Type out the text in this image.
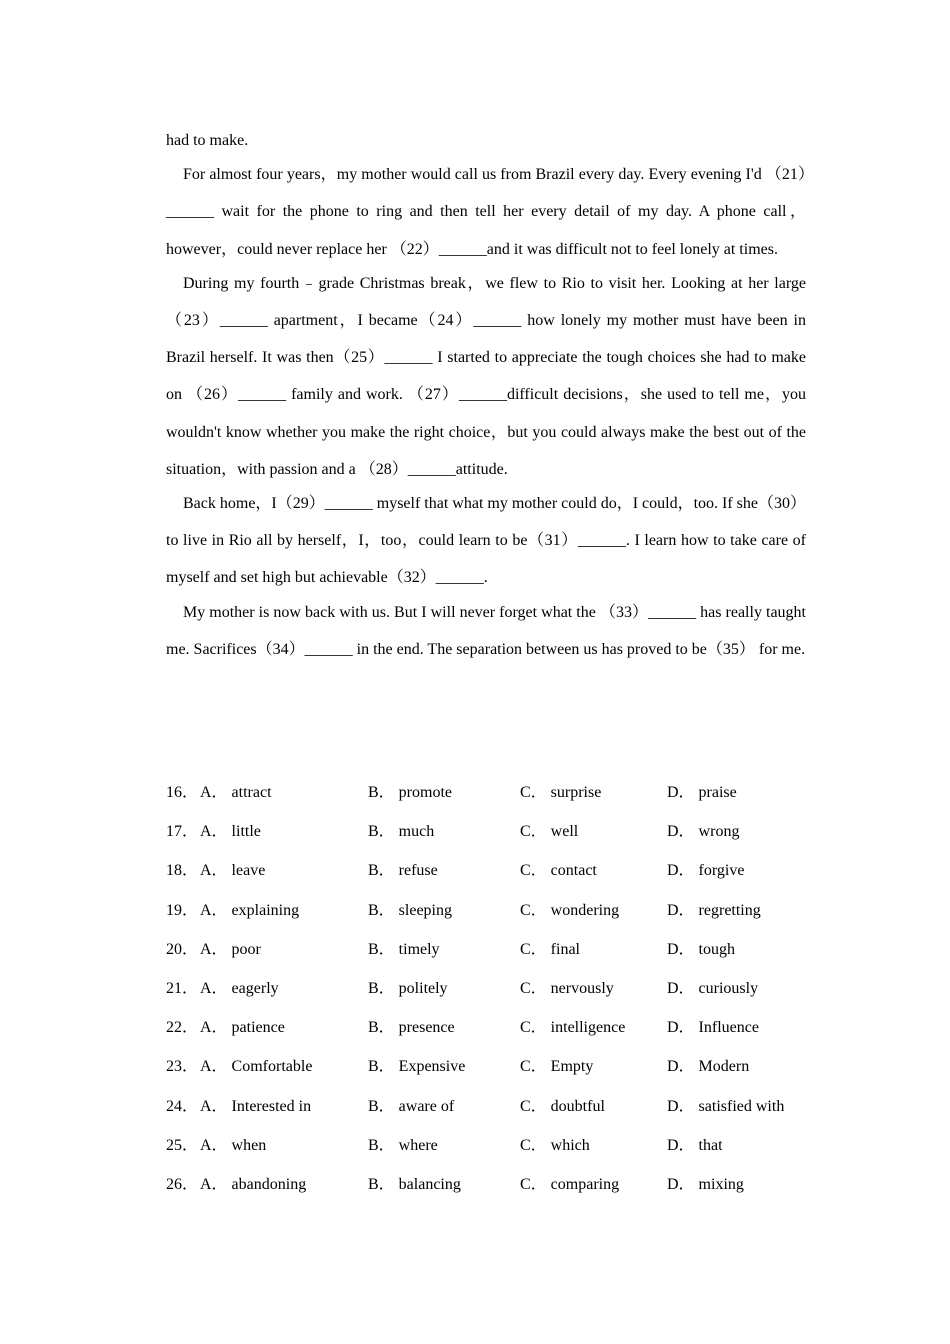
had to make.

For almost four years，my mother would call us from Brazil every day. Every evening I'd （21）______ wait for the phone to ring and then tell her every detail of my day. A phone call，however，could never replace her （22）______and it was difficult not to feel lonely at times.

During my fourth﹣grade Christmas break，we flew to Rio to visit her. Looking at her large （23）______ apartment，I became（24）______ how lonely my mother must have been in Brazil herself. It was then（25）______ I started to appreciate the tough choices she had to make on （26）______ family and work. （27）______difficult decisions，she used to tell me，you wouldn't know whether you make the right choice，but you could always make the best out of the situation，with passion and a （28）______attitude.

Back home，I（29）______ myself that what my mother could do，I could，too. If she（30） to live in Rio all by herself，I，too，could learn to be（31）______. I learn how to take care of myself and set high but achievable（32）______.

My mother is now back with us. But I will never forget what the （33）______ has really taught me. Sacrifices（34）______ in the end. The separation between us has proved to be（35） for me.

16． A． attract	B． promote	C． surprise	D． praise
17． A． little	B． much	C． well	D． wrong
18． A． leave	B． refuse	C． contact	D． forgive
19． A． explaining	B． sleeping	C． wondering	D． regretting
20． A． poor	B． timely	C． final	D． tough
21． A． eagerly	B． politely	C． nervously	D． curiously
22． A． patience	B． presence	C． intelligence	D． Influence
23． A． Comfortable	B． Expensive	C． Empty	D． Modern
24． A． Interested in	B． aware of	C． doubtful	D． satisfied with
25． A． when	B． where	C． which	D． that
26． A． abandoning	B． balancing	C． comparing	D． mixing
